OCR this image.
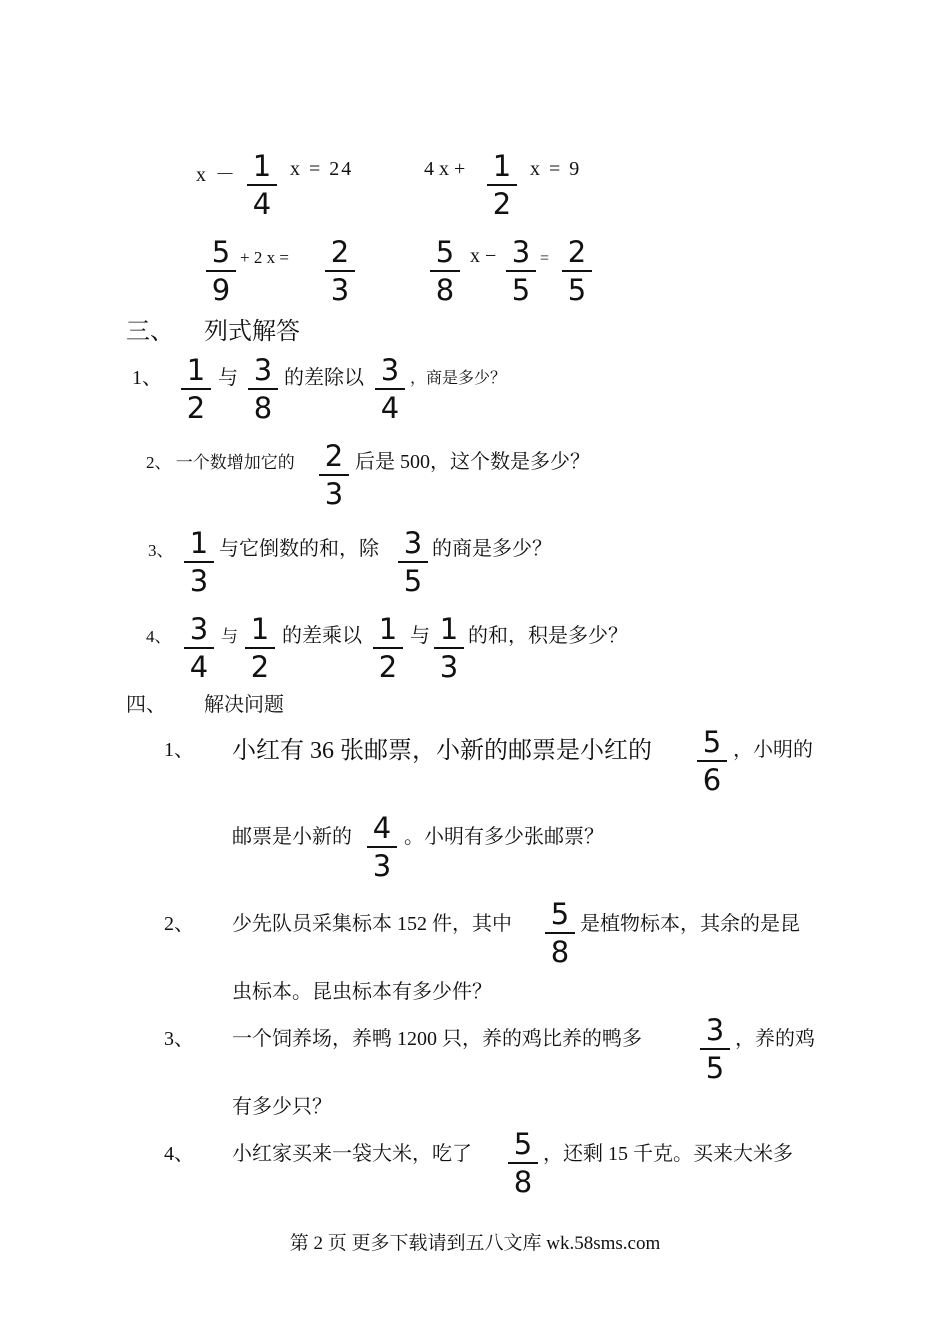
x － 1
4
x = 24	4 x + 1
2
x = 9
5
9
+ 2 x =	2
3
5
8
x − 3
5
= 2
5
三、 列式解答
1、 1
2
与 3
8
的差除以 3
4
，商是多少？
2、 一个数增加它的	2
3
后是 500，这个数是多少？
3、 1
3
与它倒数的和，除 3
5
的商是多少？
4、 3
4
与 1
2
的差乘以 1
2
与 1
3
的和，积是多少？
四、 解决问题
1、 小红有 36 张邮票，小新的邮票是小红的	5
6
，小明的
邮票是小新的 4
3
。小明有多少张邮票？
2、 少先队员采集标本 152 件，其中	5
8
是植物标本，其余的是昆
虫标本。昆虫标本有多少件？
3、 一个饲养场，养鸭 1200 只，养的鸡比养的鸭多	3
5
，养的鸡
有多少只？
4、 小红家买来一袋大米，吃了	5
8
，还剩 15 千克。买来大米多
第 2 页 更多下载请到五八文库 wk.58sms.com
